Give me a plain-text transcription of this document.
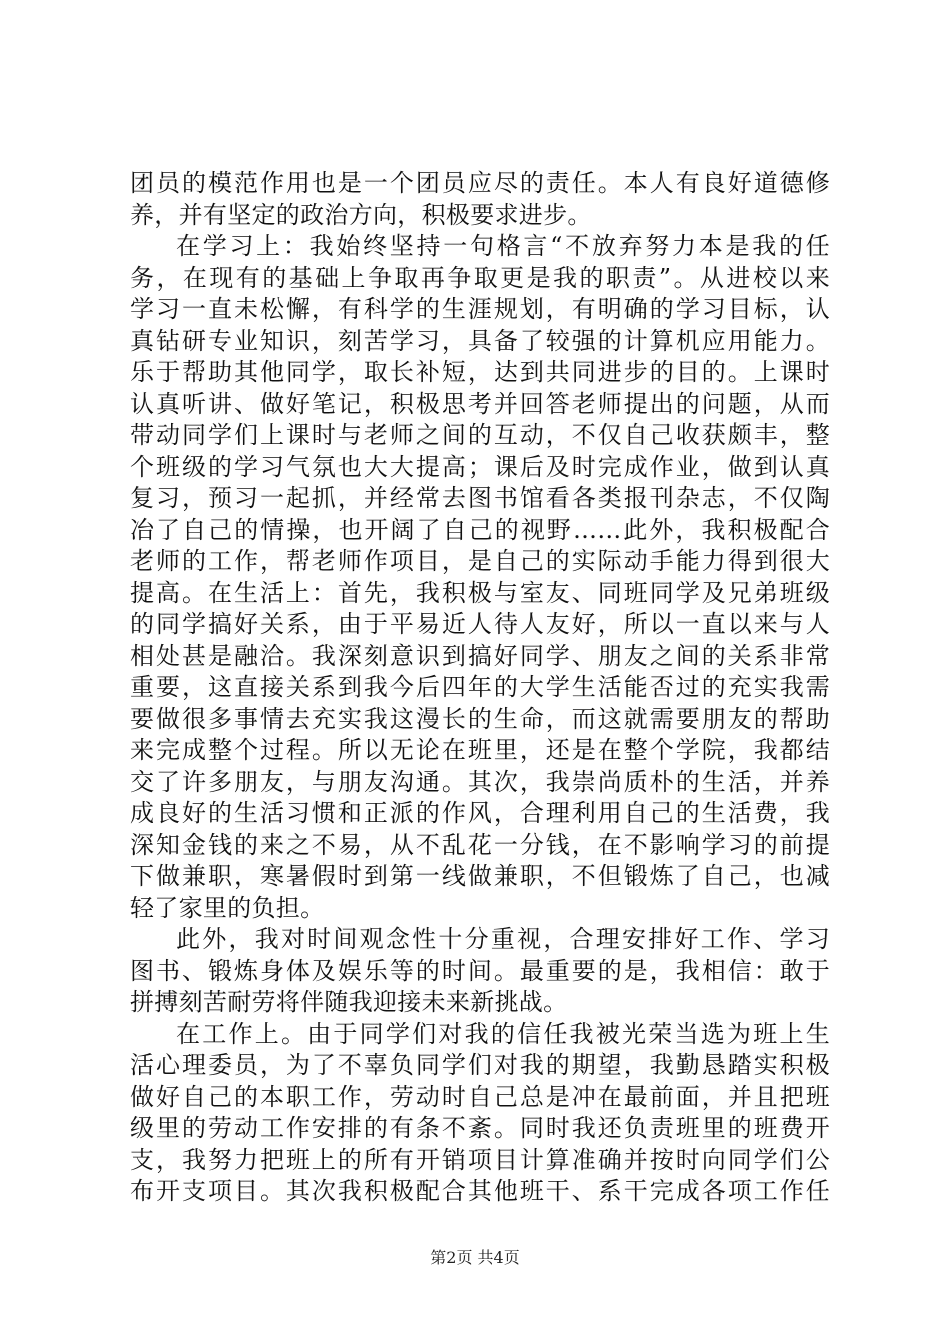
团员的模范作用也是一个团员应尽的责任。本人有良好道德修
养，并有坚定的政治方向，积极要求进步。
在学习上：我始终坚持一句格言“不放弃努力本是我的任
务，在现有的基础上争取再争取更是我的职责”。从进校以来
学习一直未松懈，有科学的生涯规划，有明确的学习目标，认
真钻研专业知识，刻苦学习，具备了较强的计算机应用能力。
乐于帮助其他同学，取长补短，达到共同进步的目的。上课时
认真听讲、做好笔记，积极思考并回答老师提出的问题，从而
带动同学们上课时与老师之间的互动，不仅自己收获颇丰，整
个班级的学习气氛也大大提高；课后及时完成作业，做到认真
复习，预习一起抓，并经常去图书馆看各类报刊杂志，不仅陶
冶了自己的情操，也开阔了自己的视野……此外，我积极配合
老师的工作，帮老师作项目，是自己的实际动手能力得到很大
提高。在生活上：首先，我积极与室友、同班同学及兄弟班级
的同学搞好关系，由于平易近人待人友好，所以一直以来与人
相处甚是融洽。我深刻意识到搞好同学、朋友之间的关系非常
重要，这直接关系到我今后四年的大学生活能否过的充实我需
要做很多事情去充实我这漫长的生命，而这就需要朋友的帮助
来完成整个过程。所以无论在班里，还是在整个学院，我都结
交了许多朋友，与朋友沟通。其次，我崇尚质朴的生活，并养
成良好的生活习惯和正派的作风，合理利用自己的生活费，我
深知金钱的来之不易，从不乱花一分钱，在不影响学习的前提
下做兼职，寒暑假时到第一线做兼职，不但锻炼了自己，也减
轻了家里的负担。
此外，我对时间观念性十分重视，合理安排好工作、学习
图书、锻炼身体及娱乐等的时间。最重要的是，我相信：敢于
拼搏刻苦耐劳将伴随我迎接未来新挑战。
在工作上。由于同学们对我的信任我被光荣当选为班上生
活心理委员，为了不辜负同学们对我的期望，我勤恳踏实积极
做好自己的本职工作，劳动时自己总是冲在最前面，并且把班
级里的劳动工作安排的有条不紊。同时我还负责班里的班费开
支，我努力把班上的所有开销项目计算准确并按时向同学们公
布开支项目。其次我积极配合其他班干、系干完成各项工作任
第2页 共4页
